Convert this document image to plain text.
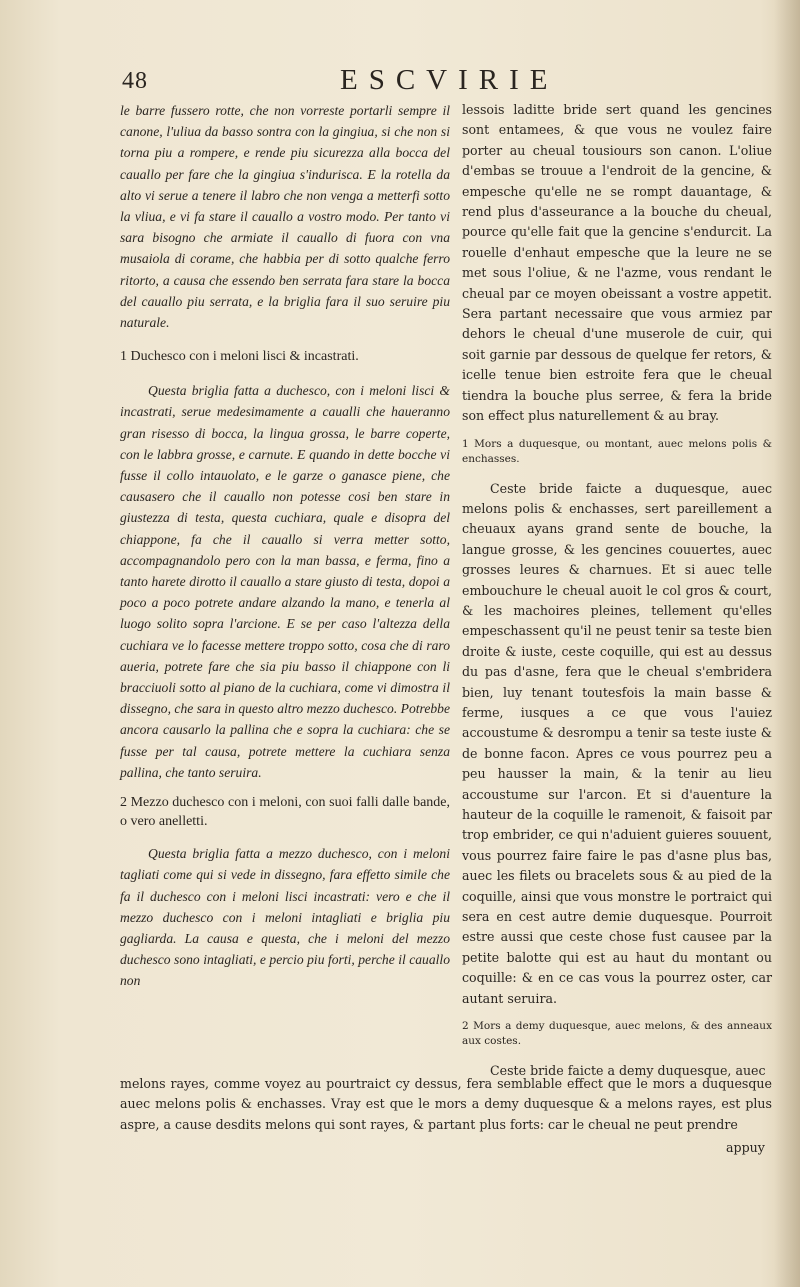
48	ESCVIRIE

le barre fussero rotte, che non vorreste portarli sempre il canone, l'uliua da basso sontra con la gingiua, si che non si torna piu a rompere, e rende piu sicurezza alla bocca del cauallo per fare che la gingiua s'indurisca. E la rotella da alto vi serue a tenere il labro che non venga a metterfi sotto la vliua, e vi fa stare il cauallo a vostro modo. Per tanto vi sara bisogno che armiate il cauallo di fuora con vna musaiola di corame, che habbia per di sotto qualche ferro ritorto, a causa che essendo ben serrata fara stare la bocca del cauallo piu serrata, e la briglia fara il suo seruire piu naturale.

1 Duchesco con i meloni lisci & incastrati.

Questa briglia fatta a duchesco, con i meloni lisci & incastrati, serue medesimamente a caualli che haueranno gran risesso di bocca, la lingua grossa, le barre coperte, con le labbra grosse, e carnute. E quando in dette bocche vi fusse il collo intauolato, e le garze o ganasce piene, che causasero che il cauallo non potesse cosi ben stare in giustezza di testa, questa cuchiara, quale e disopra del chiappone, fa che il cauallo si verra metter sotto, accompagnandolo pero con la man bassa, e ferma, fino a tanto harete dirotto il cauallo a stare giusto di testa, dopoi a poco a poco potrete andare alzando la mano, e tenerla al luogo solito sopra l'arcione. E se per caso l'altezza della cuchiara ve lo facesse mettere troppo sotto, cosa che di raro aueria, potrete fare che sia piu basso il chiappone con li bracciuoli sotto al piano de la cuchiara, come vi dimostra il dissegno, che sara in questo altro mezzo duchesco. Potrebbe ancora causarlo la pallina che e sopra la cuchiara: che se fusse per tal causa, potrete mettere la cuchiara senza pallina, che tanto seruira.

2 Mezzo duchesco con i meloni, con suoi falli dalle bande, o vero anelletti.

Questa briglia fatta a mezzo duchesco, con i meloni tagliati come qui si vede in dissegno, fara effetto simile che fa il duchesco con i meloni lisci incastrati: vero e che il mezzo duchesco con i meloni intagliati e briglia piu gagliarda. La causa e questa, che i meloni del mezzo duchesco sono intagliati, e percio piu forti, perche il cauallo non

lessois laditte bride sert quand les gencines sont entamees, & que vous ne voulez faire porter au cheual tousiours son canon. L'oliue d'embas se trouue a l'endroit de la gencine, & empesche qu'elle ne se rompt dauantage, & rend plus d'asseurance a la bouche du cheual, pource qu'elle fait que la gencine s'endurcit. La rouelle d'enhaut empesche que la leure ne se met sous l'oliue, & ne l'azme, vous rendant le cheual par ce moyen obeissant a vostre appetit. Sera partant necessaire que vous armiez par dehors le cheual d'une muserole de cuir, qui soit garnie par dessous de quelque fer retors, & icelle tenue bien estroite fera que le cheual tiendra la bouche plus serree, & fera la bride son effect plus naturellement & au bray.

1 Mors a duquesque, ou montant, auec melons polis & enchasses.

Ceste bride faicte a duquesque, auec melons polis & enchasses, sert pareillement a cheuaux ayans grand sente de bouche, la langue grosse, & les gencines couuertes, auec grosses leures & charnues. Et si auec telle embouchure le cheual auoit le col gros & court, & les machoires pleines, tellement qu'elles empeschassent qu'il ne peust tenir sa teste bien droite & iuste, ceste coquille, qui est au dessus du pas d'asne, fera que le cheual s'embridera bien, luy tenant toutesfois la main basse & ferme, iusques a ce que vous l'auiez accoustume & desrompu a tenir sa teste iuste & de bonne facon. Apres ce vous pourrez peu a peu hausser la main, & la tenir au lieu accoustume sur l'arcon. Et si d'auenture la hauteur de la coquille le ramenoit, & faisoit par trop embrider, ce qui n'aduient guieres souuent, vous pourrez faire faire le pas d'asne plus bas, auec les filets ou bracelets sous & au pied de la coquille, ainsi que vous monstre le portraict qui sera en cest autre demie duquesque. Pourroit estre aussi que ceste chose fust causee par la petite balotte qui est au haut du montant ou coquille: & en ce cas vous la pourrez oster, car autant seruira.

2 Mors a demy duquesque, auec melons, & des anneaux aux costes.

Ceste bride faicte a demy duquesque, auec

melons rayes, comme voyez au pourtraict cy dessus, fera semblable effect que le mors a duquesque auec melons polis & enchasses. Vray est que le mors a demy duquesque & a melons rayes, est plus aspre, a cause desdits melons qui sont rayes, & partant plus forts: car le cheual ne peut prendre

appuy
